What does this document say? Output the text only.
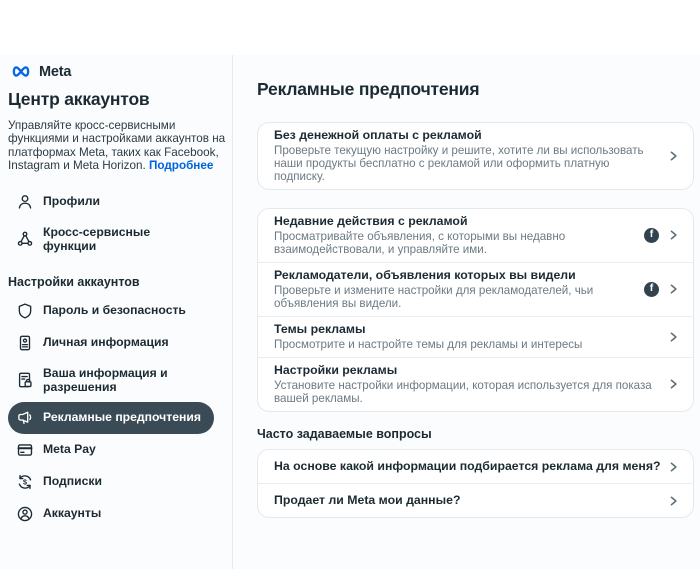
Meta
Центр аккаунтов

Управляйте кросс-сервисными функциями и настройками аккаунтов на платформах Meta, таких как Facebook, Instagram и Meta Horizon. Подробнее

Профили
Кросс-сервисные функции
Настройки аккаунтов
Пароль и безопасность
Личная информация
Ваша информация и разрешения
Рекламные предпочтения
Meta Pay
$ Подписки
Аккаунты
Рекламные предпочтения
Без денежной оплаты с рекламой
Проверьте текущую настройку и решите, хотите ли вы использовать наши продукты бесплатно с рекламой или оформить платную подписку.
Недавние действия с рекламой
Просматривайте объявления, с которыми вы недавно взаимодействовали, и управляйте ими.
f
Рекламодатели, объявления которых вы видели
Проверьте и измените настройки для рекламодателей, чьи объявления вы видели.
f
Темы рекламы
Просмотрите и настройте темы для рекламы и интересы
Настройки рекламы
Установите настройки информации, которая используется для показа вашей рекламы.
Часто задаваемые вопросы
На основе какой информации подбирается реклама для меня?
Продает ли Meta мои данные?
